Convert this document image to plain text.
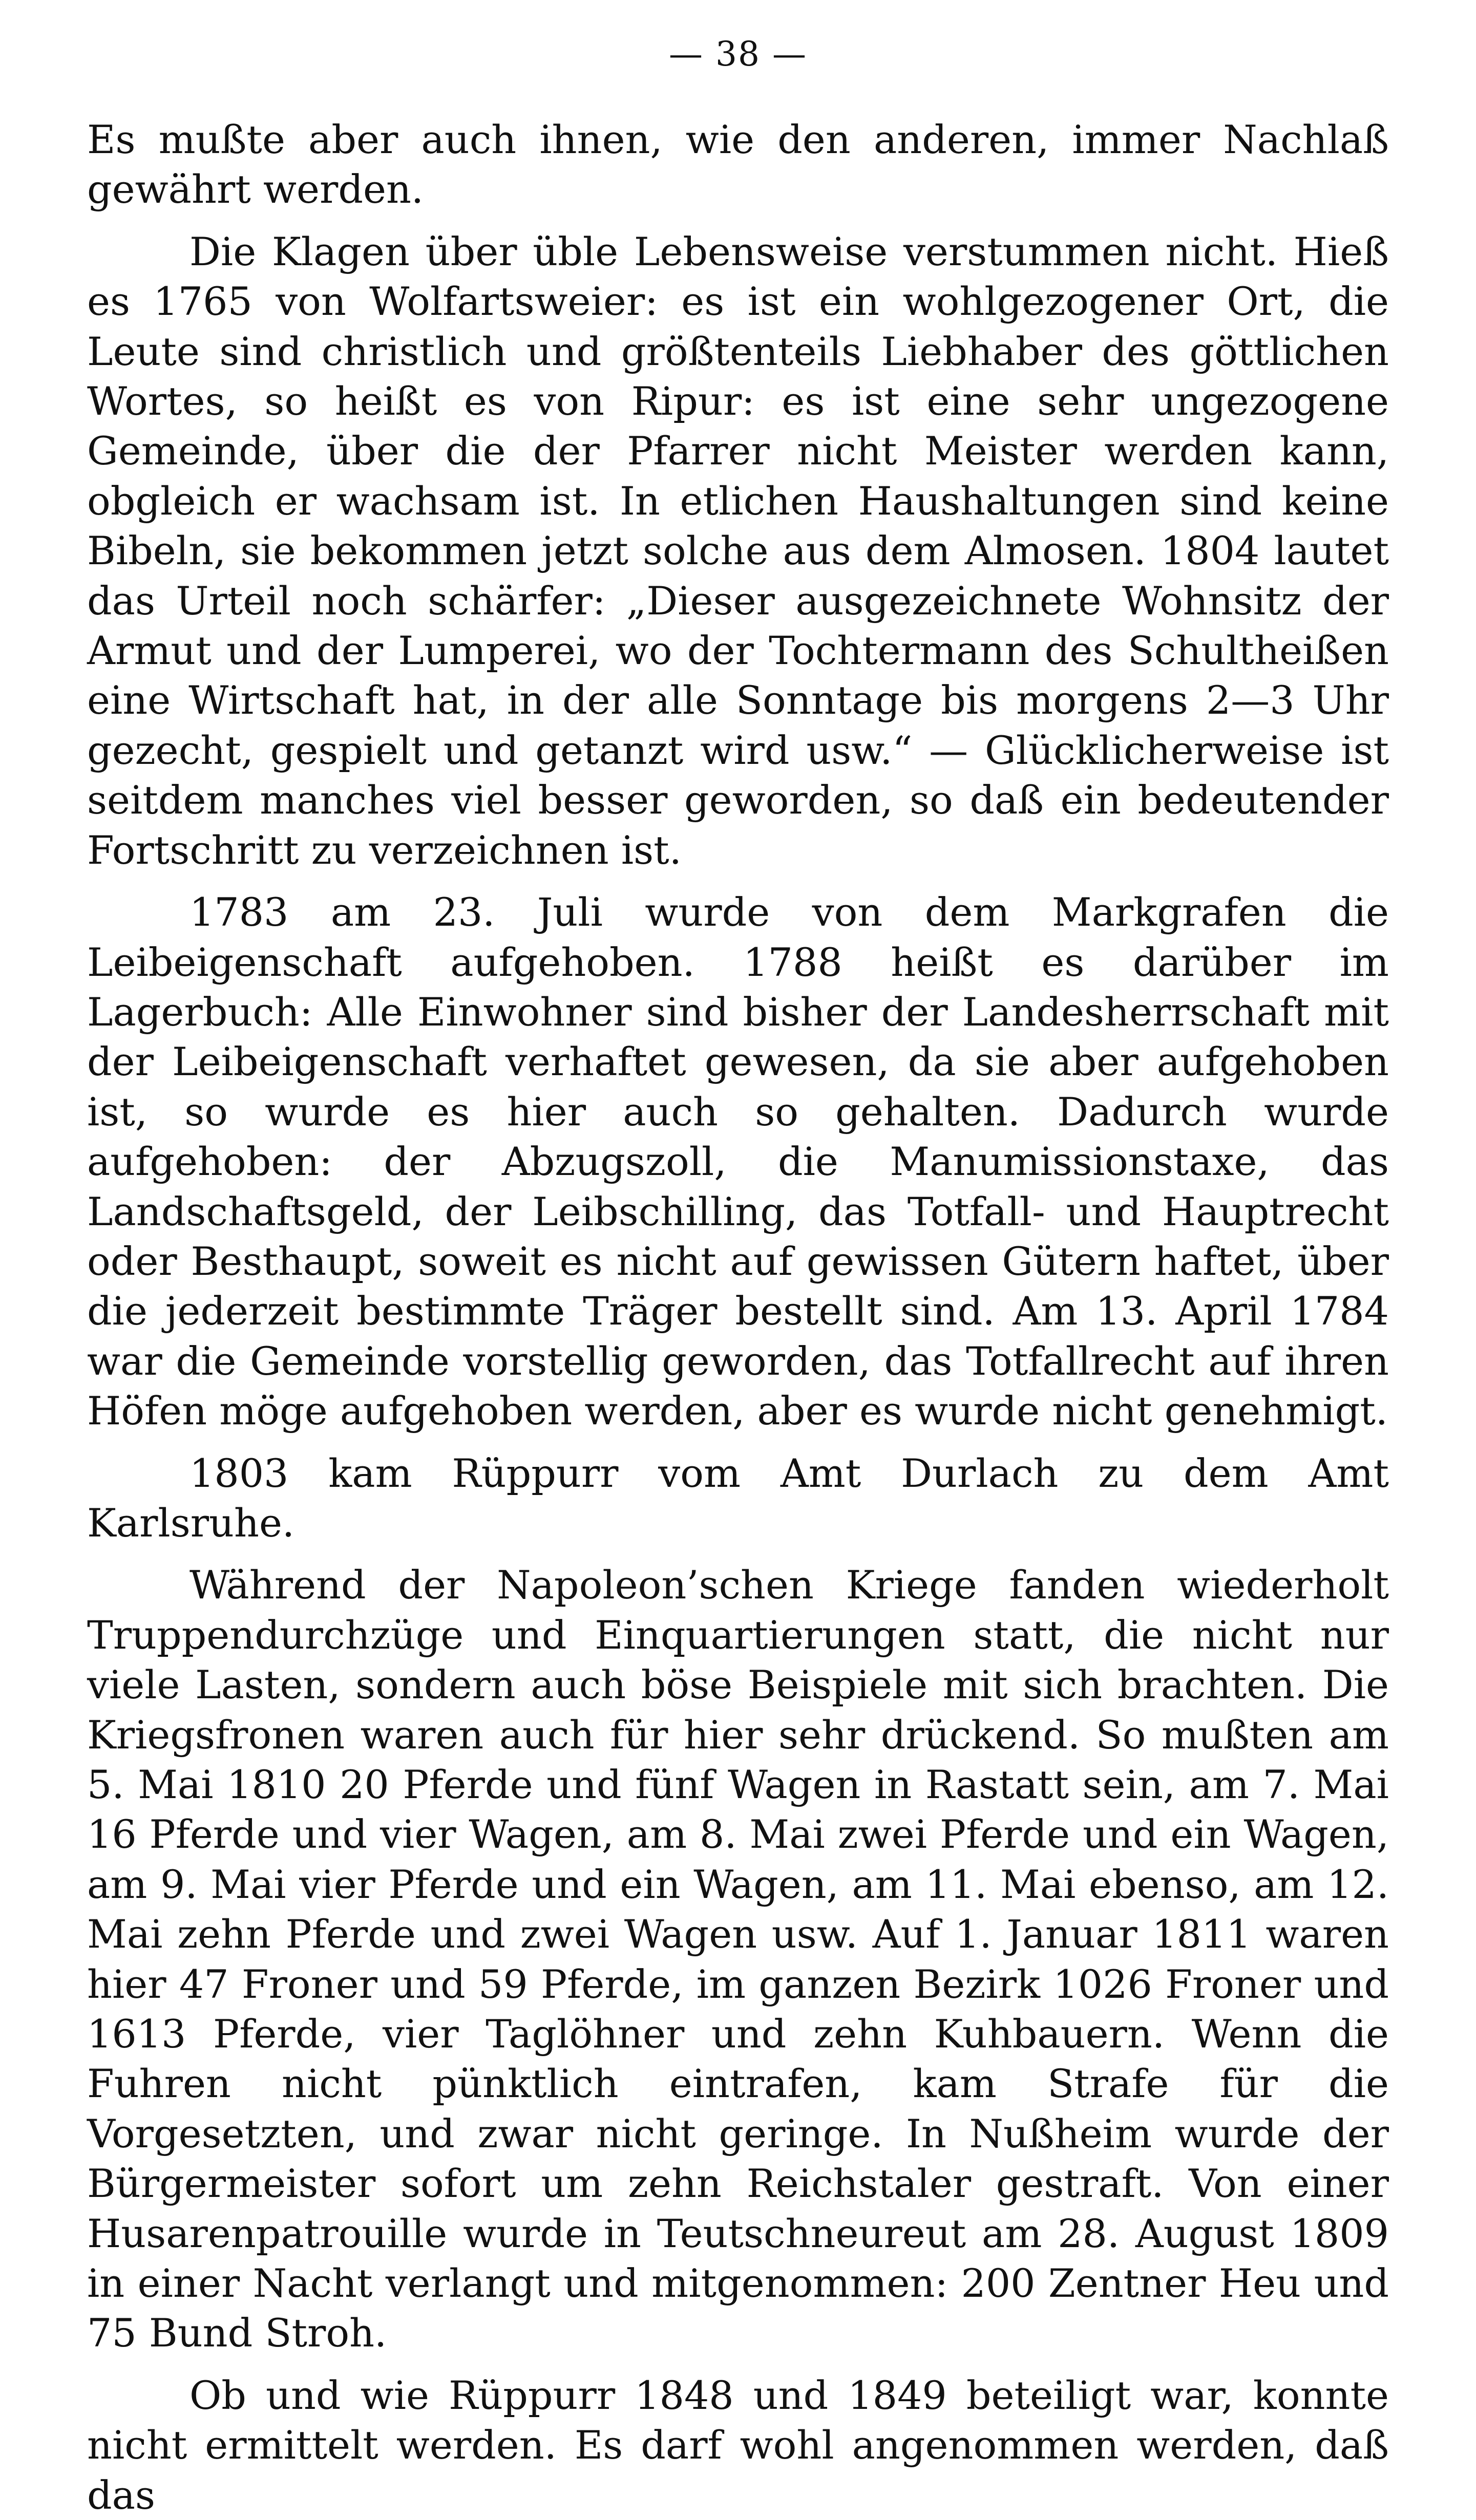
— 38 —

Es mußte aber auch ihnen, wie den anderen, immer Nachlaß gewährt werden.

Die Klagen über üble Lebensweise verstummen nicht. Hieß es 1765 von Wolfartsweier: es ist ein wohlgezogener Ort, die Leute sind christlich und größtenteils Liebhaber des göttlichen Wortes, so heißt es von Ripur: es ist eine sehr ungezogene Gemeinde, über die der Pfarrer nicht Meister werden kann, obgleich er wachsam ist. In etlichen Haushaltungen sind keine Bibeln, sie bekommen jetzt solche aus dem Almosen. 1804 lautet das Urteil noch schärfer: „Dieser ausgezeichnete Wohnsitz der Armut und der Lumperei, wo der Tochtermann des Schultheißen eine Wirtschaft hat, in der alle Sonntage bis morgens 2—3 Uhr gezecht, gespielt und getanzt wird usw.“ — Glücklicherweise ist seitdem manches viel besser geworden, so daß ein bedeutender Fortschritt zu verzeichnen ist.

1783 am 23. Juli wurde von dem Markgrafen die Leibeigenschaft aufgehoben. 1788 heißt es darüber im Lagerbuch: Alle Einwohner sind bisher der Landesherrschaft mit der Leibeigenschaft verhaftet gewesen, da sie aber aufgehoben ist, so wurde es hier auch so gehalten. Dadurch wurde aufgehoben: der Abzugszoll, die Manumissionstaxe, das Landschaftsgeld, der Leibschilling, das Totfall- und Hauptrecht oder Besthaupt, soweit es nicht auf gewissen Gütern haftet, über die jederzeit bestimmte Träger bestellt sind. Am 13. April 1784 war die Gemeinde vorstellig geworden, das Totfallrecht auf ihren Höfen möge aufgehoben werden, aber es wurde nicht genehmigt.

1803 kam Rüppurr vom Amt Durlach zu dem Amt Karlsruhe.

Während der Napoleon’schen Kriege fanden wiederholt Truppendurchzüge und Einquartierungen statt, die nicht nur viele Lasten, sondern auch böse Beispiele mit sich brachten. Die Kriegsfronen waren auch für hier sehr drückend. So mußten am 5. Mai 1810 20 Pferde und fünf Wagen in Rastatt sein, am 7. Mai 16 Pferde und vier Wagen, am 8. Mai zwei Pferde und ein Wagen, am 9. Mai vier Pferde und ein Wagen, am 11. Mai ebenso, am 12. Mai zehn Pferde und zwei Wagen usw. Auf 1. Januar 1811 waren hier 47 Froner und 59 Pferde, im ganzen Bezirk 1026 Froner und 1613 Pferde, vier Taglöhner und zehn Kuhbauern. Wenn die Fuhren nicht pünktlich eintrafen, kam Strafe für die Vorgesetzten, und zwar nicht geringe. In Nußheim wurde der Bürgermeister sofort um zehn Reichstaler gestraft. Von einer Husarenpatrouille wurde in Teutschneureut am 28. August 1809 in einer Nacht verlangt und mitgenommen: 200 Zentner Heu und 75 Bund Stroh.

Ob und wie Rüppurr 1848 und 1849 beteiligt war, konnte nicht ermittelt werden. Es darf wohl angenommen werden, daß das
